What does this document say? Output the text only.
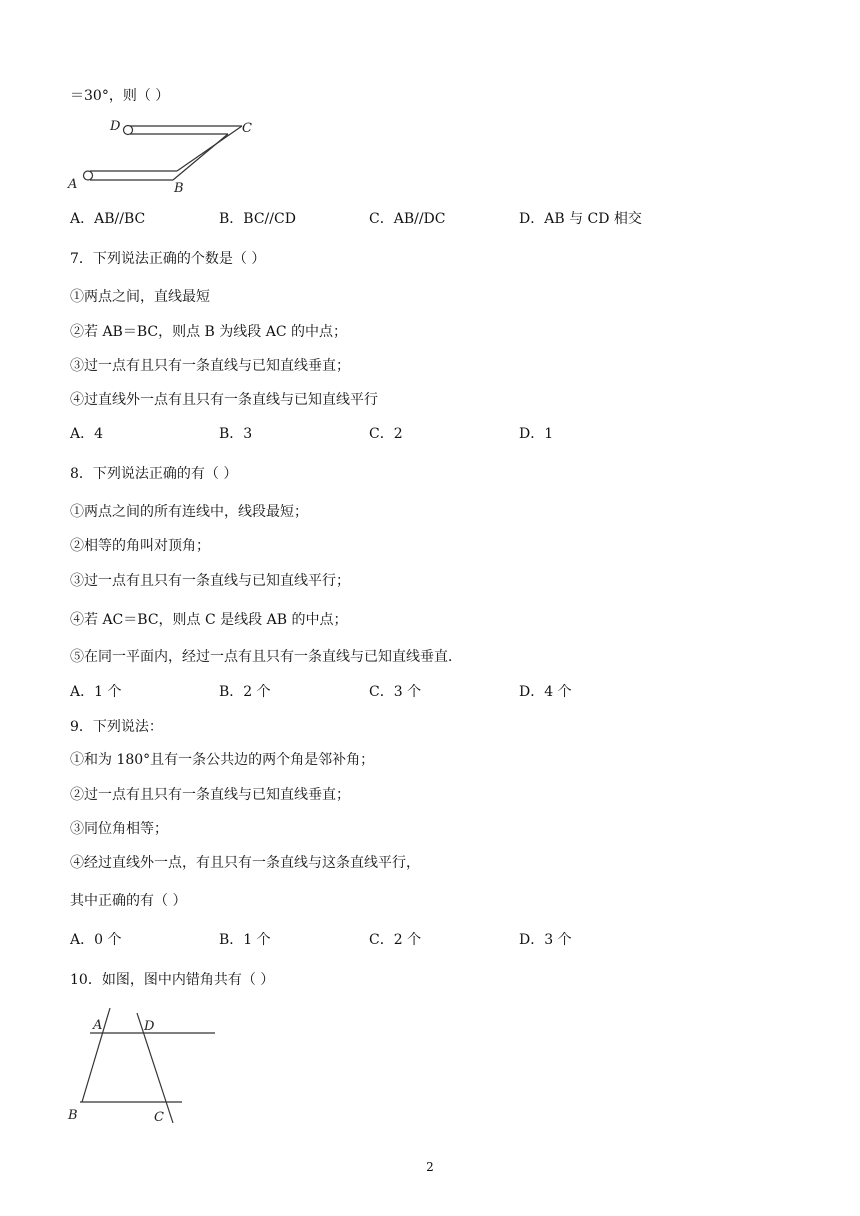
＝30°，则（ ）
D	C
A	B
A．AB//BC	B．BC//CD	C．AB//DC	D．AB 与 CD 相交
7．下列说法正确的个数是（ ）
①两点之间，直线最短
②若 AB＝BC，则点 B 为线段 AC 的中点；
③过一点有且只有一条直线与已知直线垂直；
④过直线外一点有且只有一条直线与已知直线平行
A．4	B．3	C．2	D．1
8．下列说法正确的有（ ）
①两点之间的所有连线中，线段最短；
②相等的角叫对顶角；
③过一点有且只有一条直线与已知直线平行；
④若 AC＝BC，则点 C 是线段 AB 的中点；
⑤在同一平面内，经过一点有且只有一条直线与已知直线垂直．
A．1 个	B．2 个	C．3 个	D．4 个
9．下列说法：
①和为 180°且有一条公共边的两个角是邻补角；
②过一点有且只有一条直线与已知直线垂直；
③同位角相等；
④经过直线外一点，有且只有一条直线与这条直线平行，
其中正确的有（ ）
A．0 个	B．1 个	C．2 个	D．3 个
10．如图，图中内错角共有（ ）
A	D
B	C
2
